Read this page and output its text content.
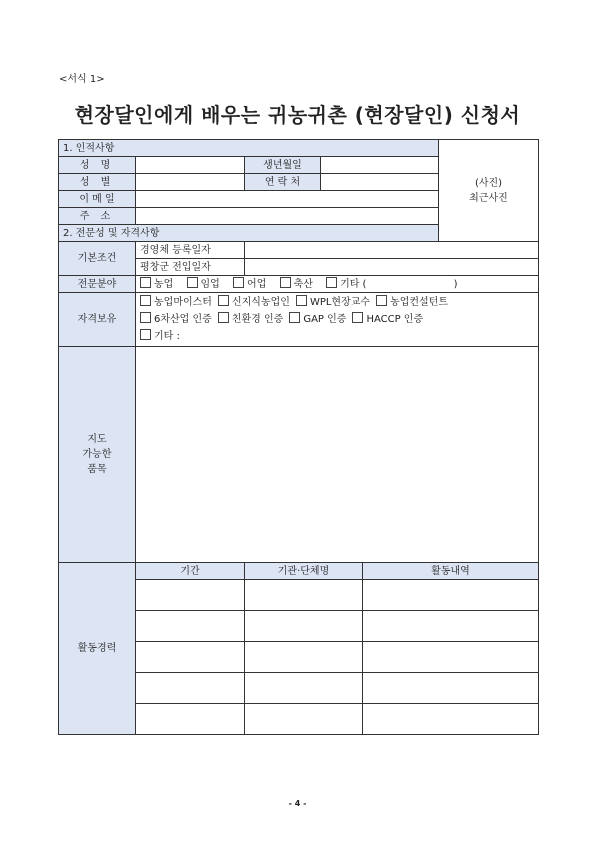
<서식 1>
현장달인에게 배우는 귀농귀촌 (현장달인) 신청서
1. 인적사항					(사진)
최근사진

성 명		생년월일			
성 별		연 락 처			
이 메 일					
주 소					
2. 전문성 및 자격사항					
기본조건	경영체 등록일자				
	평창군 전입일자				
전문분야	농업 임업 어업 축산 기타 ( )				
자격보유	농업마이스터 신지식농업인 WPL현장교수 농업컨설턴트
6차산업 인증 친환경 인증 GAP 인증 HACCP 인증
기타 :				

지도
가능한
품목					

활동경력	기간	기관·단체명		활동내역	

- 4 -
